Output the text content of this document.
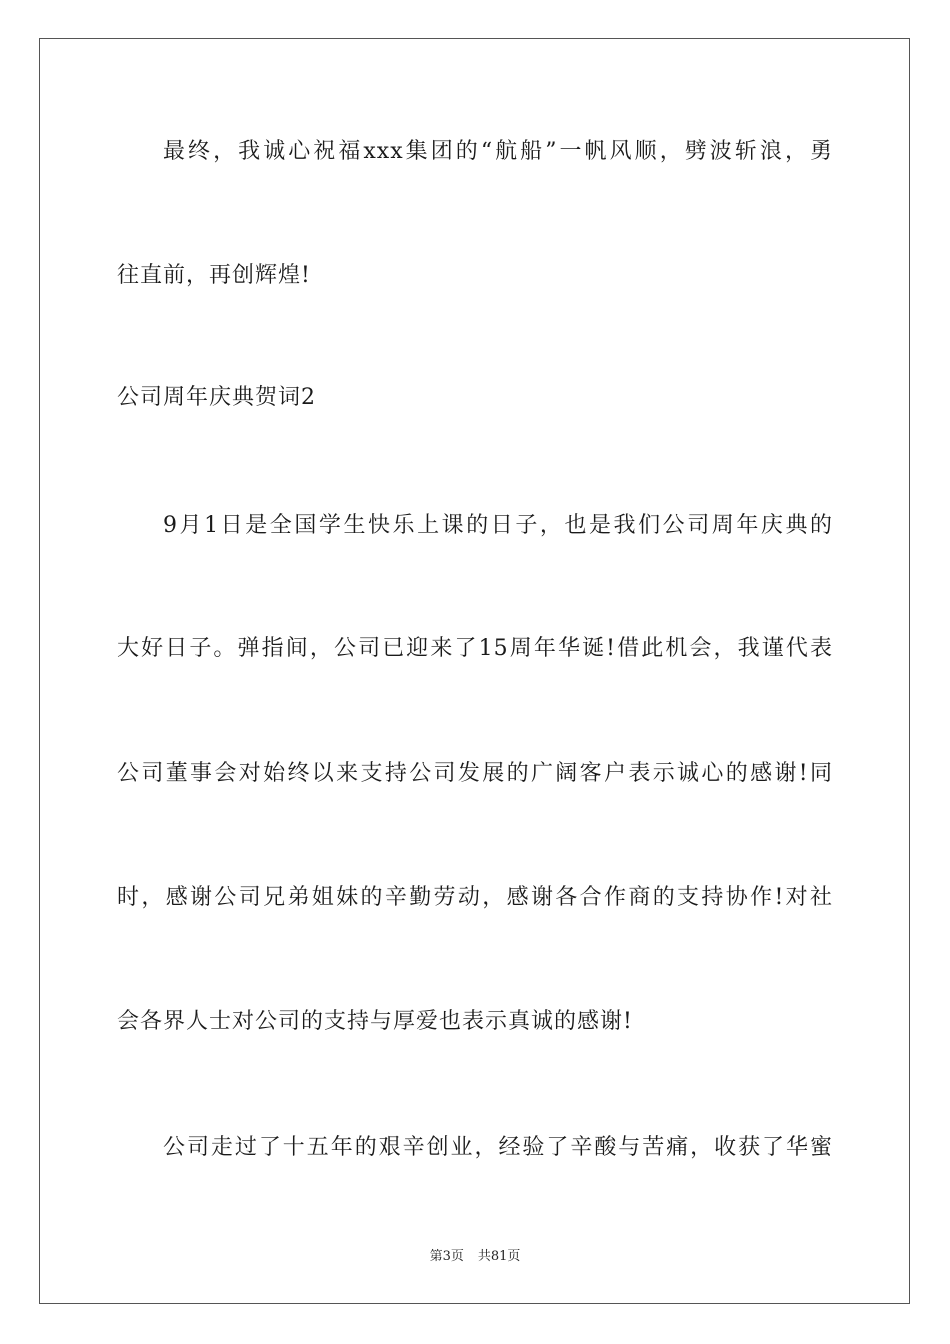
最终，我诚心祝福xxx集团的“航船”一帆风顺，劈波斩浪，勇
往直前，再创辉煌!
公司周年庆典贺词2
9月1日是全国学生快乐上课的日子，也是我们公司周年庆典的
大好日子。弹指间，公司已迎来了15周年华诞!借此机会，我谨代表
公司董事会对始终以来支持公司发展的广阔客户表示诚心的感谢!同
时，感谢公司兄弟姐妹的辛勤劳动，感谢各合作商的支持协作!对社
会各界人士对公司的支持与厚爱也表示真诚的感谢!
公司走过了十五年的艰辛创业，经验了辛酸与苦痛，收获了华蜜
第3页 共81页
